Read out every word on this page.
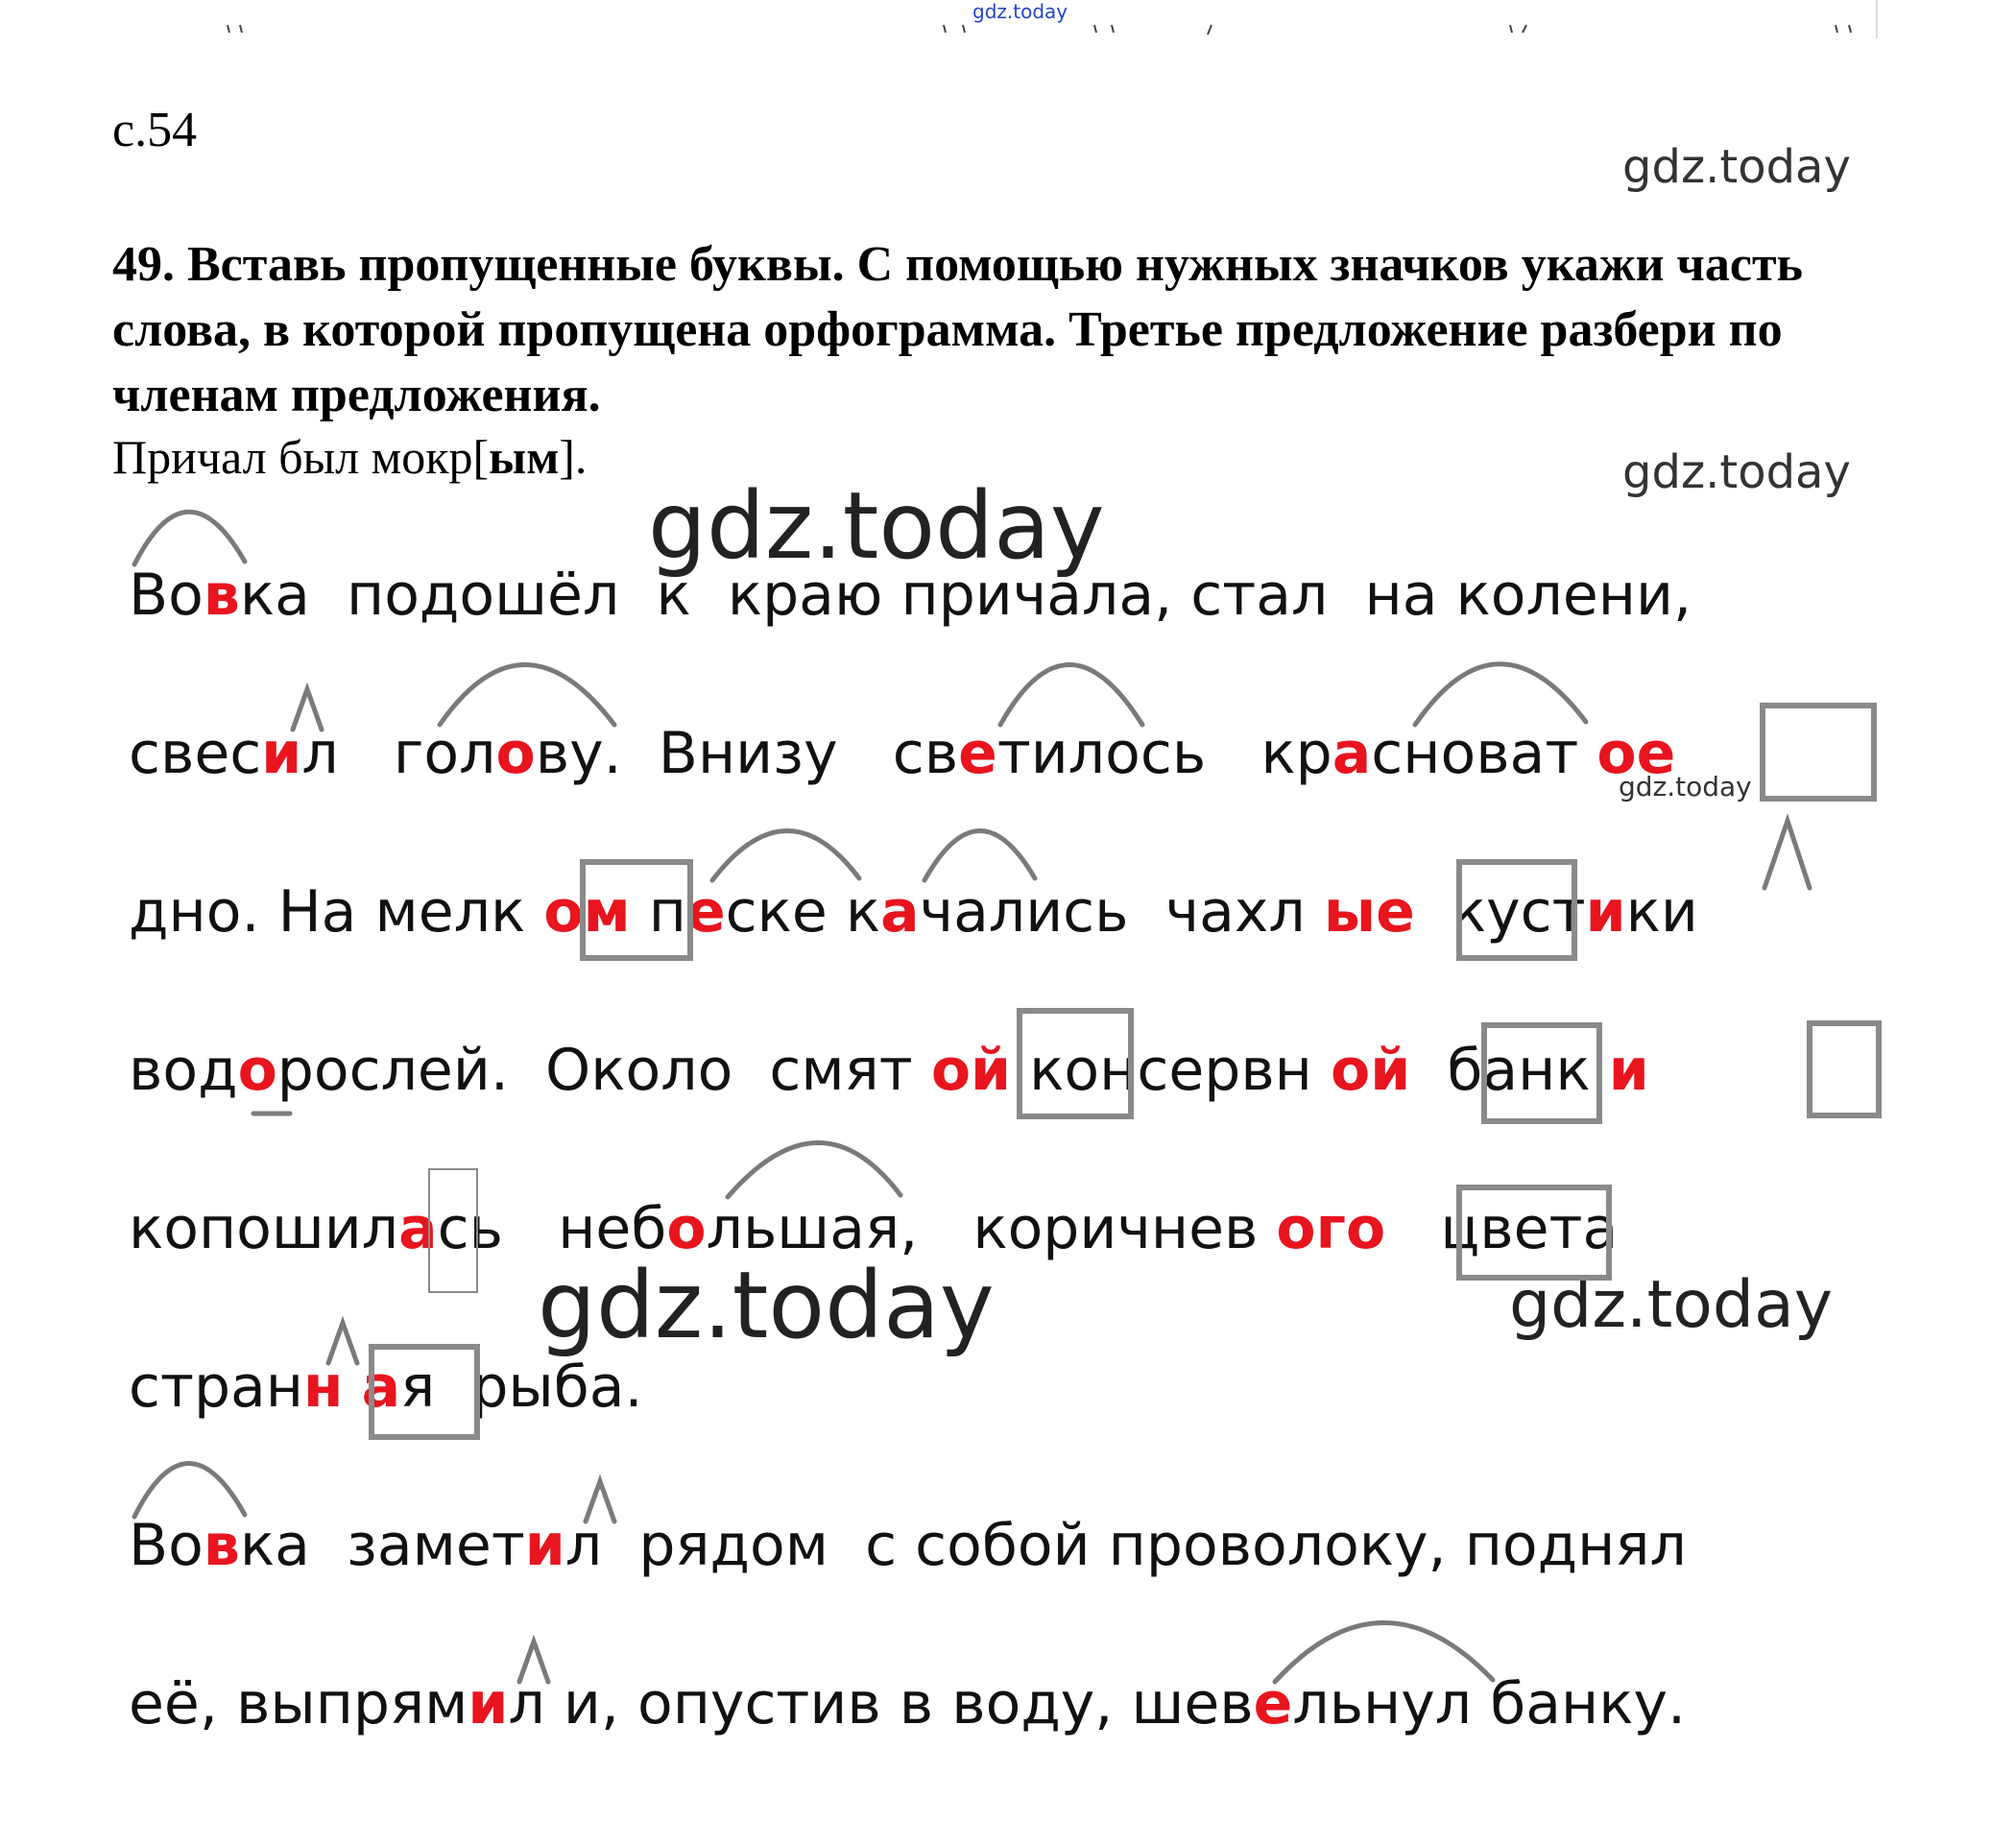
с.54
49. Вставь пропущенные буквы. С помощью нужных значков укажи часть слова, в которой пропущена орфограмма. Третье предложение разбери по членам предложения.
Причал был мокр[ым].
gdz.today
gdz.today
gdz.today
gdz.today
gdz.today
gdz.today	gdz.today
Вовка  подошёл  к  краю причала, стал  на колени,
свесил   голову.  Внизу   светилось   красноват ое
дно. На мелк ом песке качались  чахл ые  кустики
водорослей.  Около  смят ой консервн ой  банк и
копошилась   небольшая,   коричнев ого   цвета
странн ая  рыба.
Вовка  заметил  рядом  с собой проволоку, поднял
её, выпрямил и, опустив в воду, шевельнул банку.
